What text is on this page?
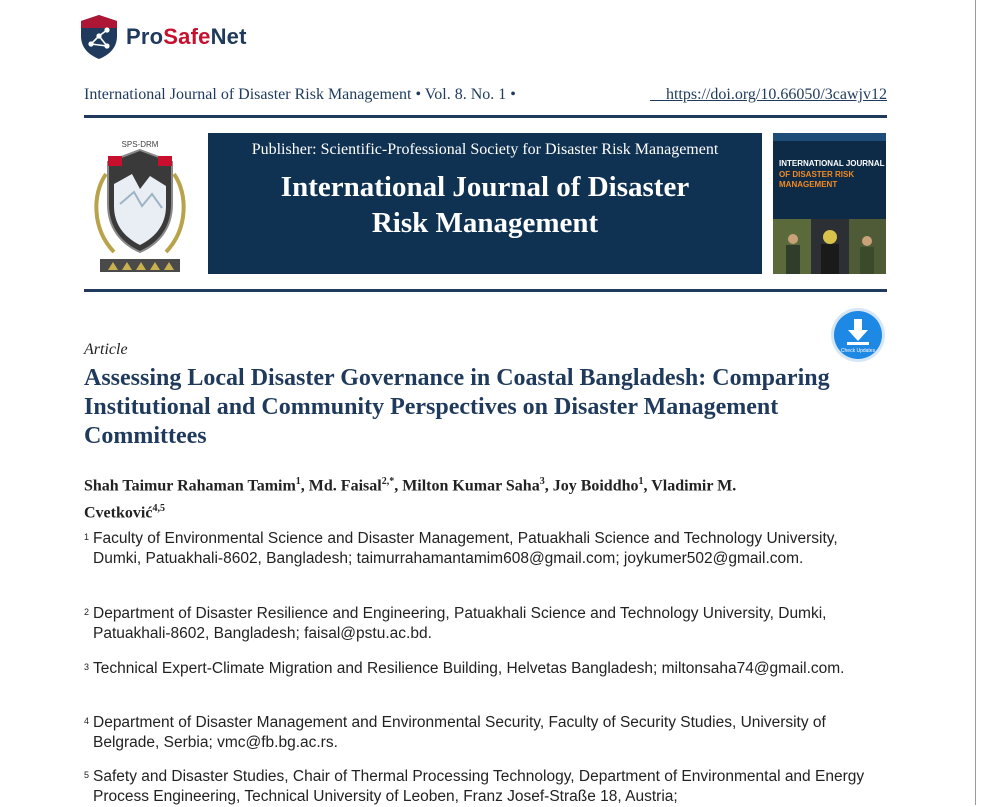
ProSafeNet
International Journal of Disaster Risk Management • Vol. 8. No. 1 •	https://doi.org/10.66050/3cawjv12
SPS-DRM	Publisher: Scientific-Professional Society for Disaster Risk Management
International Journal of Disaster
Risk Management
INTERNATIONAL JOURNAL
OF DISASTER RISK MANAGEMENT
Check Updates
Article
Assessing Local Disaster Governance in Coastal Bangladesh: Comparing Institutional and Community Perspectives on Disaster Management Committees
Shah Taimur Rahaman Tamim$^1$, Md. Faisal$^{2,*}$, Milton Kumar Saha$^3$, Joy Boiddho$^1$, Vladimir M. Cvetković$^{4,5}$
1 Faculty of Environmental Science and Disaster Management, Patuakhali Science and Technology University, Dumki, Patuakhali-8602, Bangladesh; taimurrahamantamim608@gmail.com; joykumer502@gmail.com.
2 Department of Disaster Resilience and Engineering, Patuakhali Science and Technology University, Dumki, Patuakhali-8602, Bangladesh; faisal@pstu.ac.bd.
3 Technical Expert-Climate Migration and Resilience Building, Helvetas Bangladesh; miltonsaha74@gmail.com.
4 Department of Disaster Management and Environmental Security, Faculty of Security Studies, University of Belgrade, Serbia; vmc@fb.bg.ac.rs.
5 Safety and Disaster Studies, Chair of Thermal Processing Technology, Department of Environmental and Energy Process Engineering, Technical University of Leoben, Franz Josef-Straße 18, Austria;
